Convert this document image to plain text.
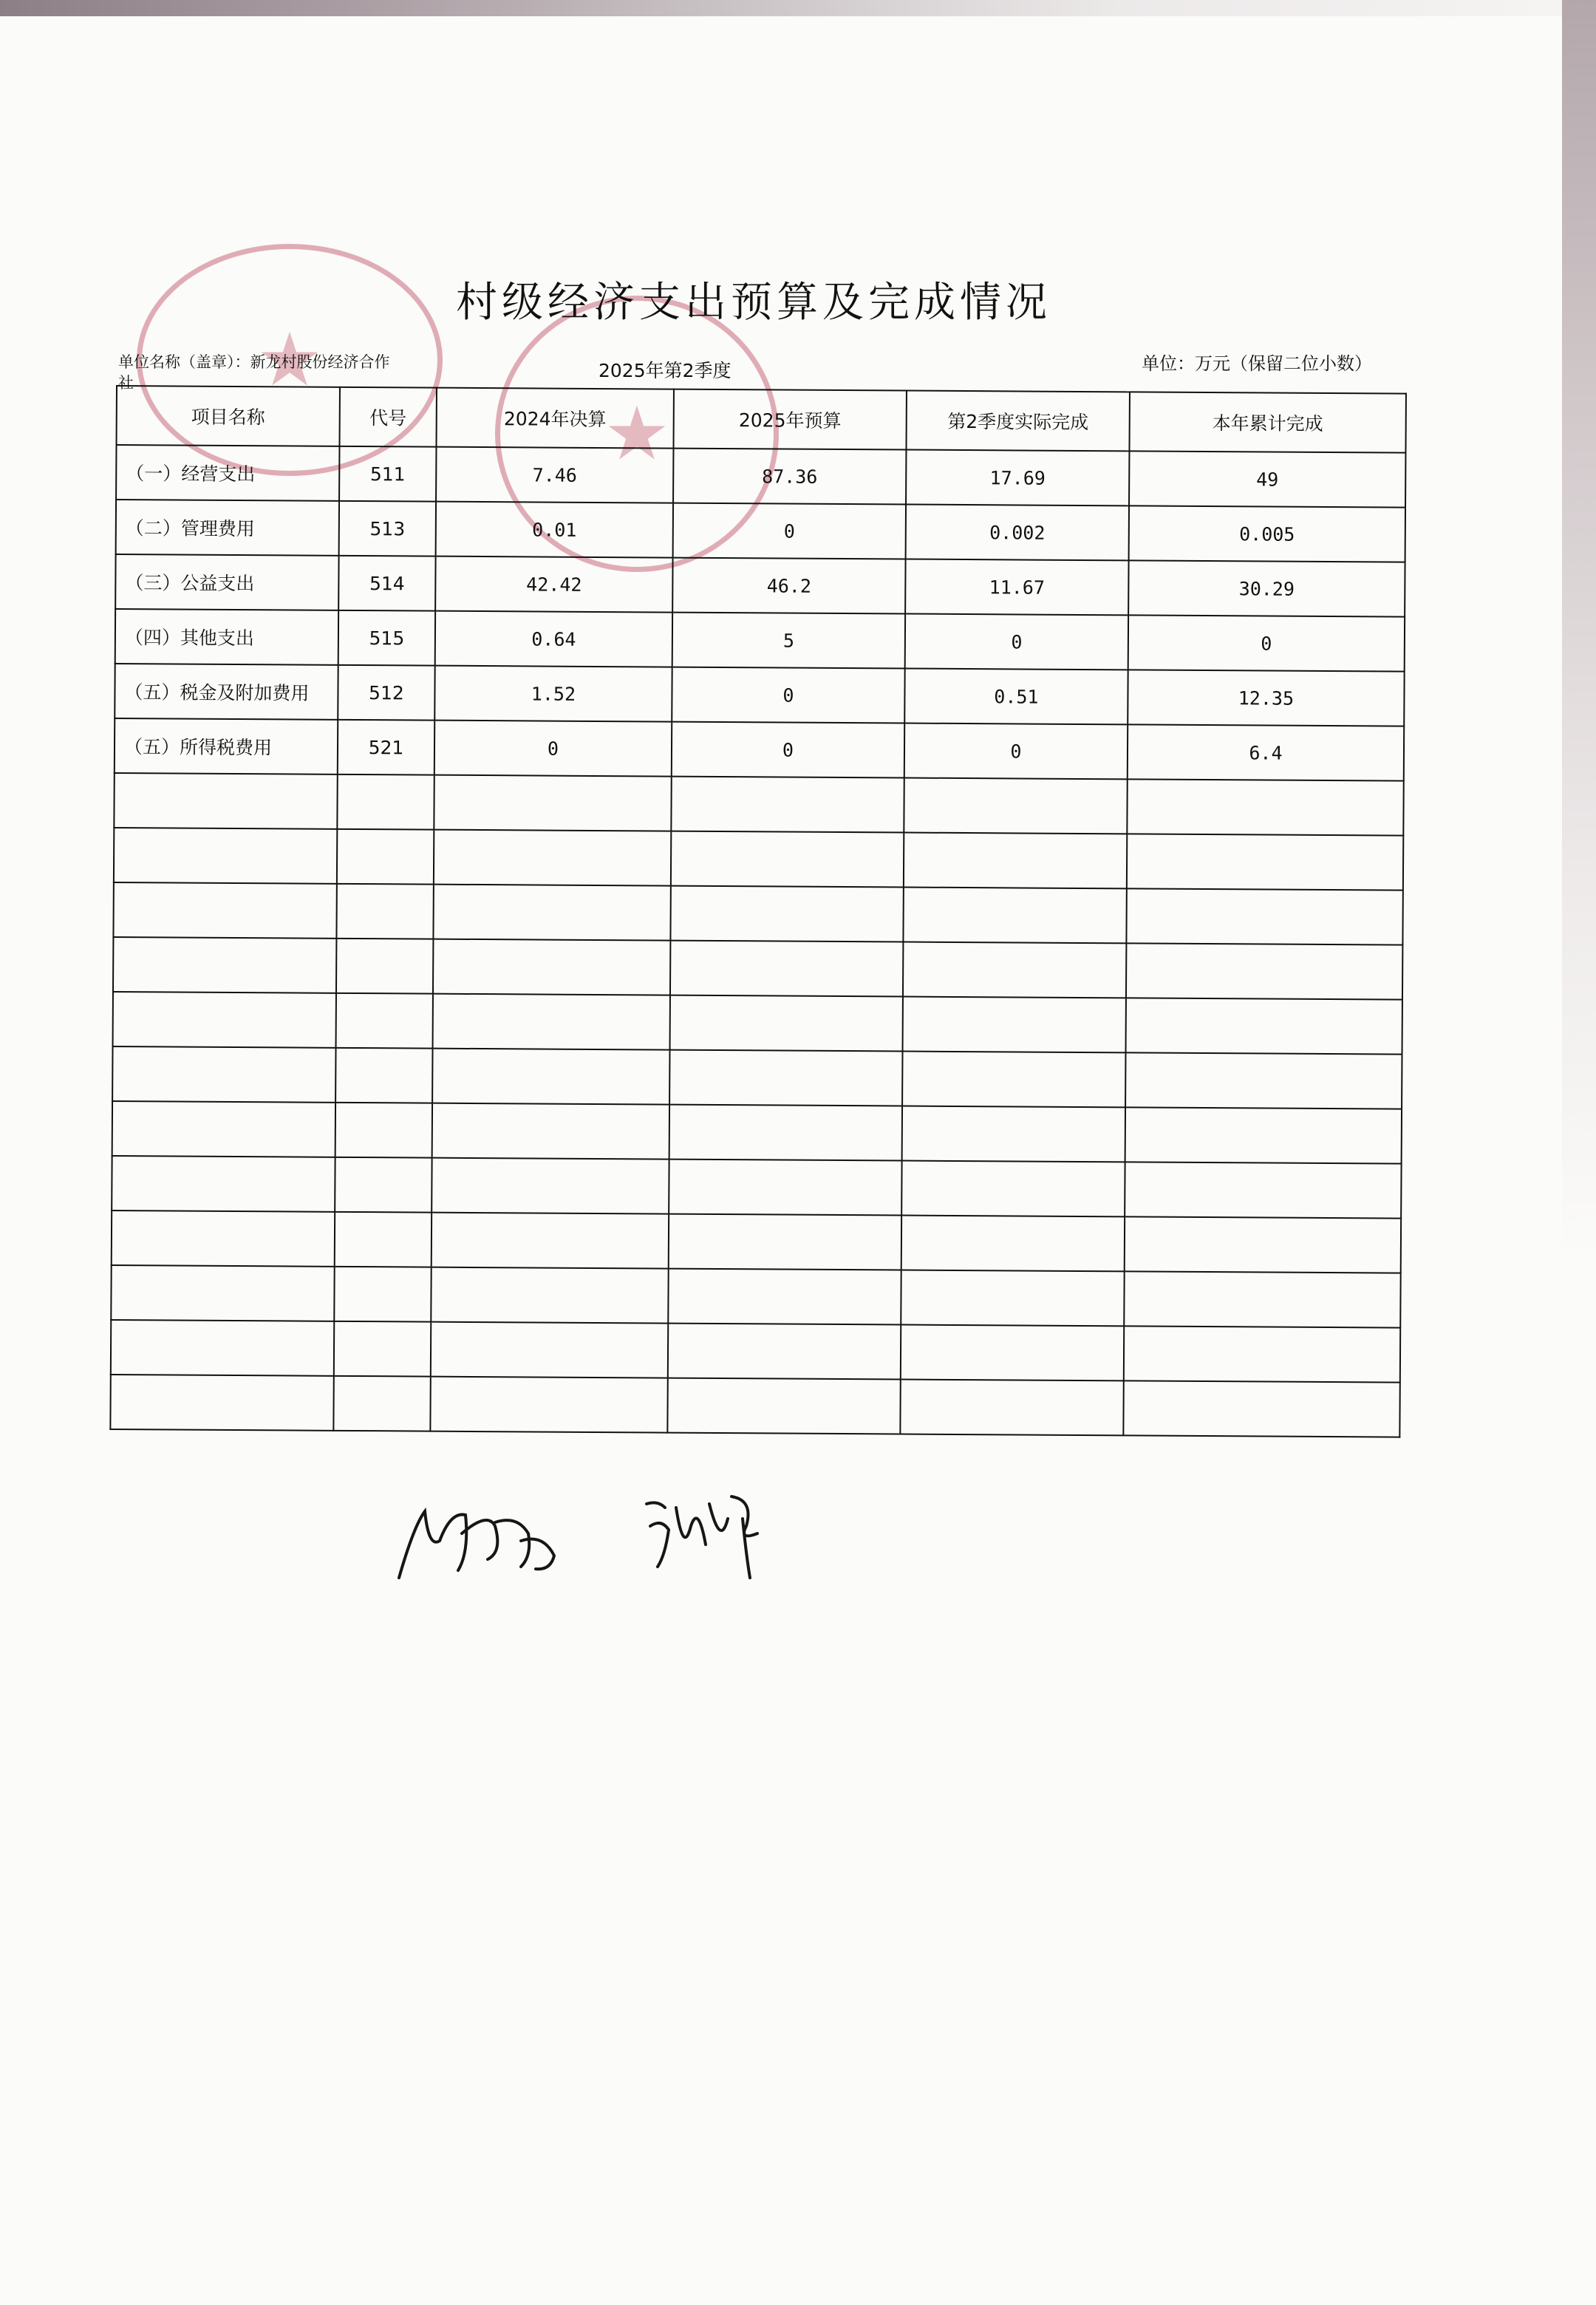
★
★
村级经济支出预算及完成情况
单位名称（盖章）：新龙村股份经济合作社
2025年第2季度	单位：万元（保留二位小数）
项目名称	代号	2024年决算	2025年预算	第2季度实际完成	本年累计完成
（一）经营支出	511	7.46	87.36	17.69	49
（二）管理费用	513	0.01	0	0.002	0.005
（三）公益支出	514	42.42	46.2	11.67	30.29
（四）其他支出	515	0.64	5	0	0
（五）税金及附加费用	512	1.52	0	0.51	12.35
（五）所得税费用	521	0	0	0	6.4
